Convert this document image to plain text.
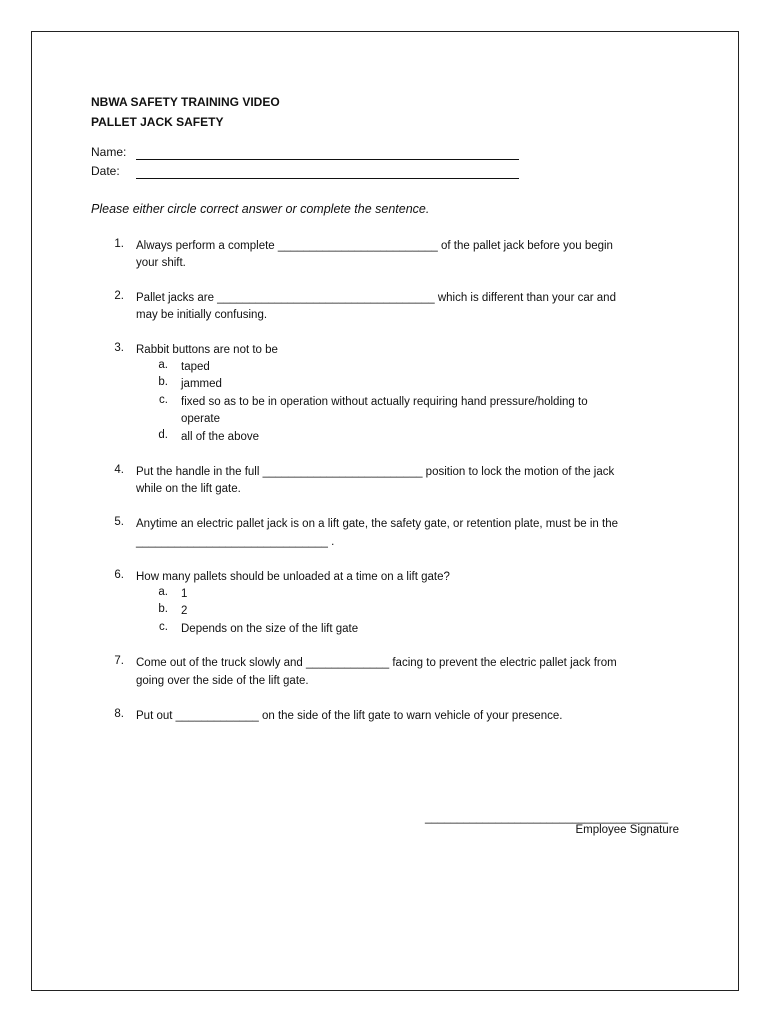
NBWA SAFETY TRAINING VIDEO
PALLET JACK SAFETY
Name:
Date:
Please either circle correct answer or complete the sentence.
1. Always perform a complete _________________________ of the pallet jack before you begin
your shift.
2. Pallet jacks are __________________________________ which is different than your car and
may be initially confusing.
3. Rabbit buttons are not to be
a. taped
b. jammed
c. fixed so as to be in operation without actually requiring hand pressure/holding to
operate
d. all of the above
4. Put the handle in the full _________________________ position to lock the motion of the jack
while on the lift gate.
5. Anytime an electric pallet jack is on a lift gate, the safety gate, or retention plate, must be in the
______________________________ .
6. How many pallets should be unloaded at a time on a lift gate?
a. 1
b. 2
c. Depends on the size of the lift gate
7. Come out of the truck slowly and _____________ facing to prevent the electric pallet jack from
going over the side of the lift gate.
8. Put out _____________ on the side of the lift gate to warn vehicle of your presence.
______________________________________
Employee Signature
